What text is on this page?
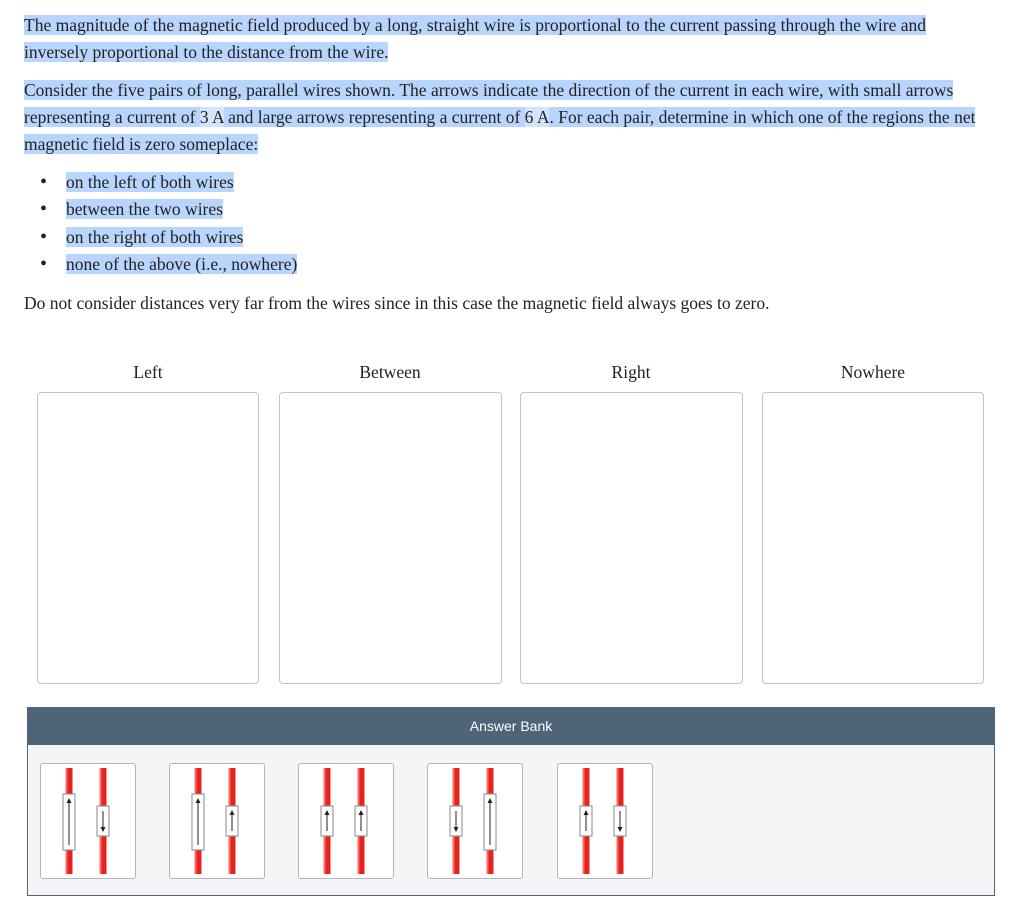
The magnitude of the magnetic field produced by a long, straight wire is proportional to the current passing through the wire and inversely proportional to the distance from the wire.

Consider the five pairs of long, parallel wires shown. The arrows indicate the direction of the current in each wire, with small arrows representing a current of 3 A and large arrows representing a current of 6 A. For each pair, determine in which one of the regions the net magnetic field is zero someplace:

• on the left of both wires
• between the two wires
• on the right of both wires
• none of the above (i.e., nowhere)

Do not consider distances very far from the wires since in this case the magnetic field always goes to zero.

Left	Between	Right	Nowhere
Answer Bank
